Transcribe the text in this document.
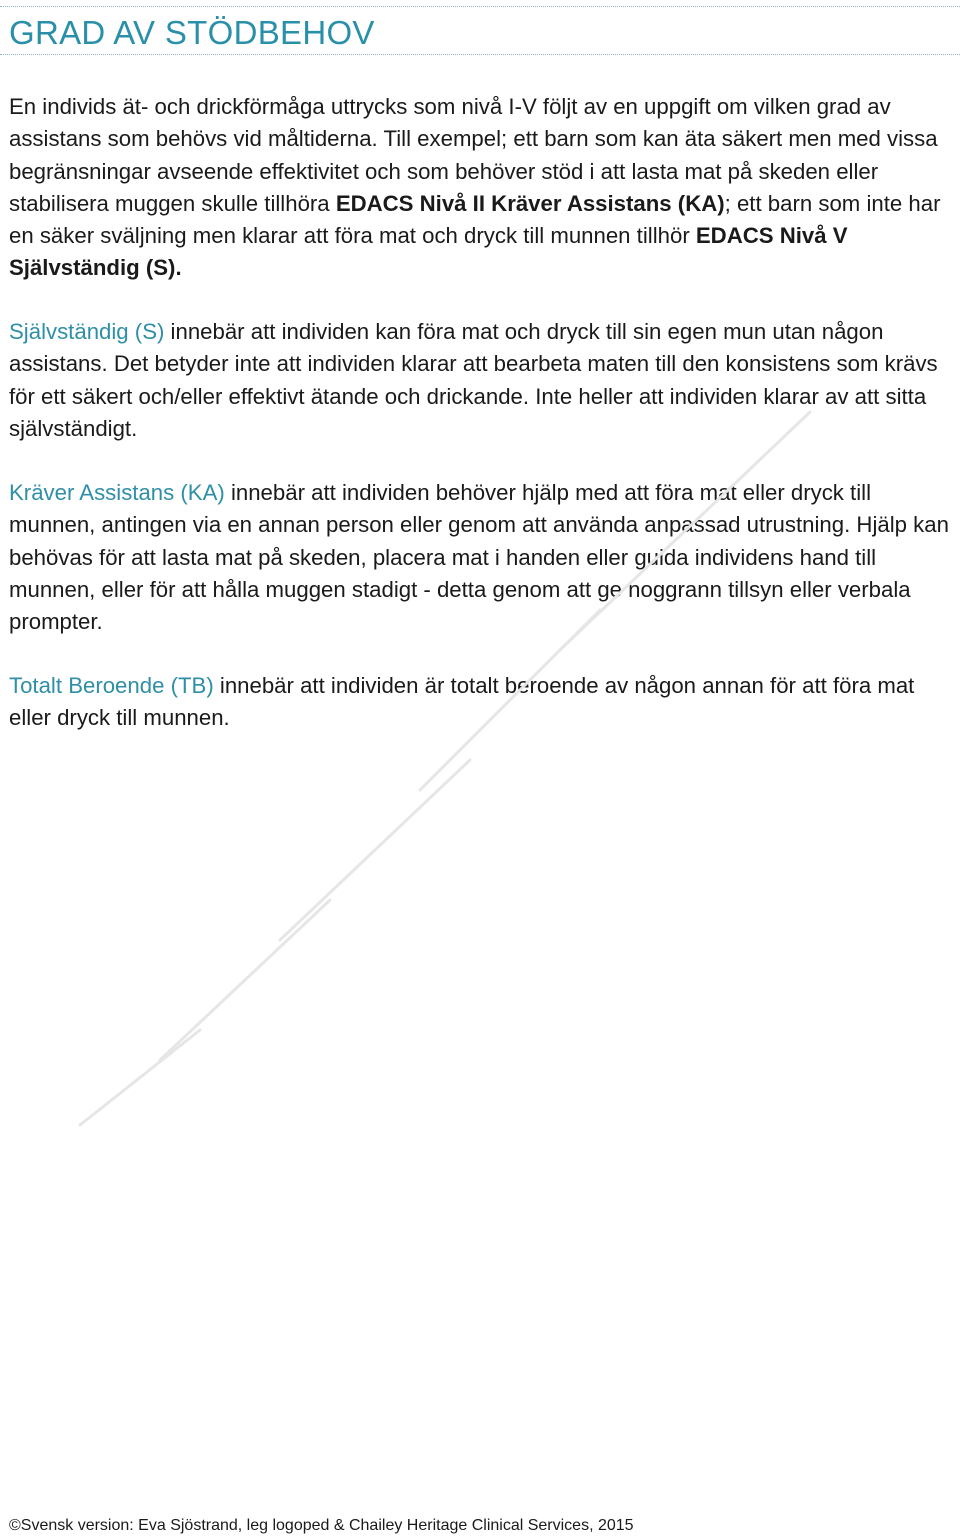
GRAD AV STÖDBEHOV

En individs ät- och drickförmåga uttrycks som nivå I-V följt av en uppgift om vilken grad av assistans som behövs vid måltiderna. Till exempel; ett barn som kan äta säkert men med vissa begränsningar avseende effektivitet och som behöver stöd i att lasta mat på skeden eller stabilisera muggen skulle tillhöra EDACS Nivå II Kräver Assistans (KA); ett barn som inte har en säker sväljning men klarar att föra mat och dryck till munnen tillhör EDACS Nivå V Självständig (S).

Självständig (S) innebär att individen kan föra mat och dryck till sin egen mun utan någon assistans. Det betyder inte att individen klarar att bearbeta maten till den konsistens som krävs för ett säkert och/eller effektivt ätande och drickande. Inte heller att individen klarar av att sitta självständigt.

Kräver Assistans (KA) innebär att individen behöver hjälp med att föra mat eller dryck till munnen, antingen via en annan person eller genom att använda anpassad utrustning. Hjälp kan behövas för att lasta mat på skeden, placera mat i handen eller guida individens hand till munnen, eller för att hålla muggen stadigt - detta genom att ge noggrann tillsyn eller verbala prompter.

Totalt Beroende (TB) innebär att individen är totalt beroende av någon annan för att föra mat eller dryck till munnen.

©Svensk version: Eva Sjöstrand, leg logoped & Chailey Heritage Clinical Services, 2015
